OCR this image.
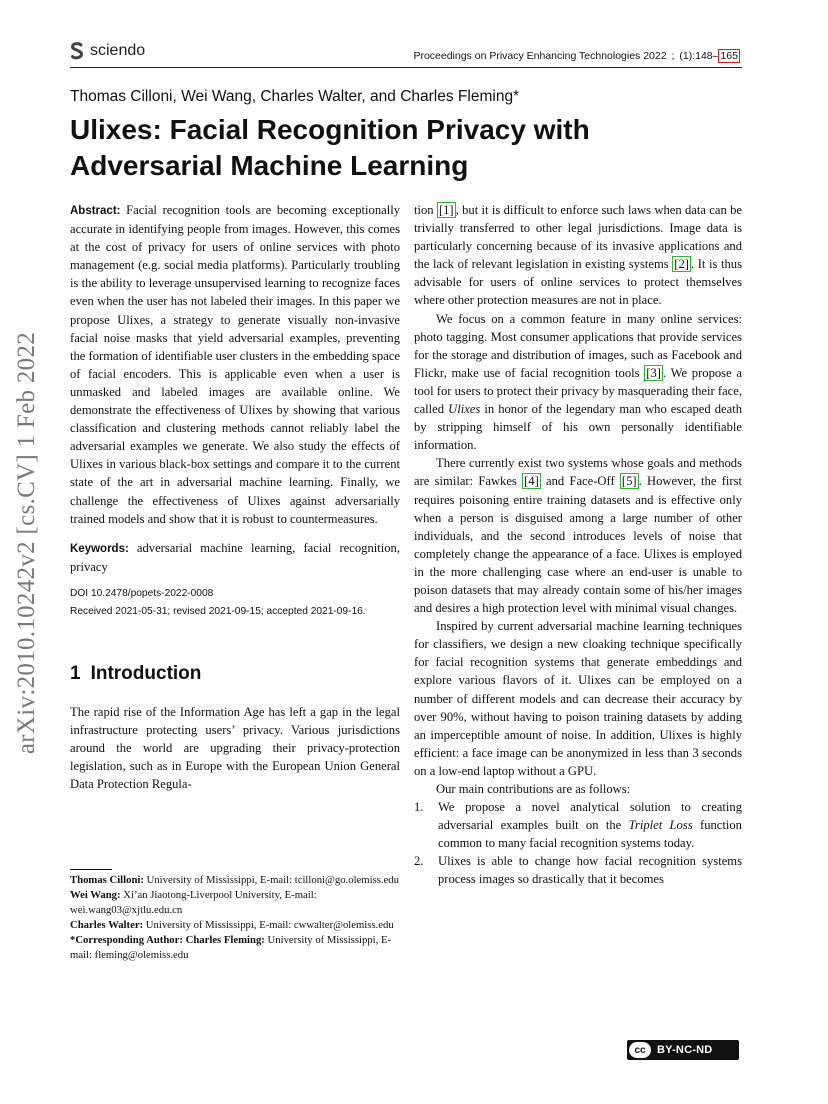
sciendo	Proceedings on Privacy Enhancing Technologies 2022 ; (1):148– 165
Thomas Cilloni, Wei Wang, Charles Walter, and Charles Fleming*
Ulixes: Facial Recognition Privacy with Adversarial Machine Learning
arXiv:2010.10242v2 [cs.CV] 1 Feb 2022

Abstract: Facial recognition tools are becoming exceptionally accurate in identifying people from images. However, this comes at the cost of privacy for users of online services with photo management (e.g. social media platforms). Particularly troubling is the ability to leverage unsupervised learning to recognize faces even when the user has not labeled their images. In this paper we propose Ulixes, a strategy to generate visually non-invasive facial noise masks that yield adversarial examples, preventing the formation of identifiable user clusters in the embedding space of facial encoders. This is applicable even when a user is unmasked and labeled images are available online. We demonstrate the effectiveness of Ulixes by showing that various classification and clustering methods cannot reliably label the adversarial examples we generate. We also study the effects of Ulixes in various black-box settings and compare it to the current state of the art in adversarial machine learning. Finally, we challenge the effectiveness of Ulixes against adversarially trained models and show that it is robust to countermeasures.

Keywords: adversarial machine learning, facial recognition, privacy

DOI 10.2478/popets-2022-0008
Received 2021-05-31; revised 2021-09-15; accepted 2021-09-16.

1 Introduction

The rapid rise of the Information Age has left a gap in the legal infrastructure protecting users’ privacy. Various jurisdictions around the world are upgrading their privacy-protection legislation, such as in Europe with the European Union General Data Protection Regula-

Thomas Cilloni: University of Mississippi, E-mail: tcilloni@go.olemiss.edu

Wei Wang: Xi’an Jiaotong-Liverpool University, E-mail: wei.wang03@xjtlu.edu.cn

Charles Walter: University of Mississippi, E-mail: cwwalter@olemiss.edu

*Corresponding Author: Charles Fleming: University of Mississippi, E-mail: fleming@olemiss.edu

tion [1] , but it is difficult to enforce such laws when data can be trivially transferred to other legal jurisdictions. Image data is particularly concerning because of its invasive applications and the lack of relevant legislation in existing systems [2] . It is thus advisable for users of online services to protect themselves where other protection measures are not in place.

We focus on a common feature in many online services: photo tagging. Most consumer applications that provide services for the storage and distribution of images, such as Facebook and Flickr, make use of facial recognition tools [3] . We propose a tool for users to protect their privacy by masquerading their face, called Ulixes in honor of the legendary man who escaped death by stripping himself of his own personally identifiable information.

There currently exist two systems whose goals and methods are similar: Fawkes [4] and Face-Off [5] . However, the first requires poisoning entire training datasets and is effective only when a person is disguised among a large number of other individuals, and the second introduces levels of noise that completely change the appearance of a face. Ulixes is employed in the more challenging case where an end-user is unable to poison datasets that may already contain some of his/her images and desires a high protection level with minimal visual changes.

Inspired by current adversarial machine learning techniques for classifiers, we design a new cloaking technique specifically for facial recognition systems that generate embeddings and explore various flavors of it. Ulixes can be employed on a number of different models and can decrease their accuracy by over 90%, without having to poison training datasets by adding an imperceptible amount of noise. In addition, Ulixes is highly efficient: a face image can be anonymized in less than 3 seconds on a low-end laptop without a GPU.

Our main contributions are as follows:

1. We propose a novel analytical solution to creating adversarial examples built on the Triplet Loss function common to many facial recognition systems today.
2. Ulixes is able to change how facial recognition systems process images so drastically that it becomes
cc	BY-NC-ND
